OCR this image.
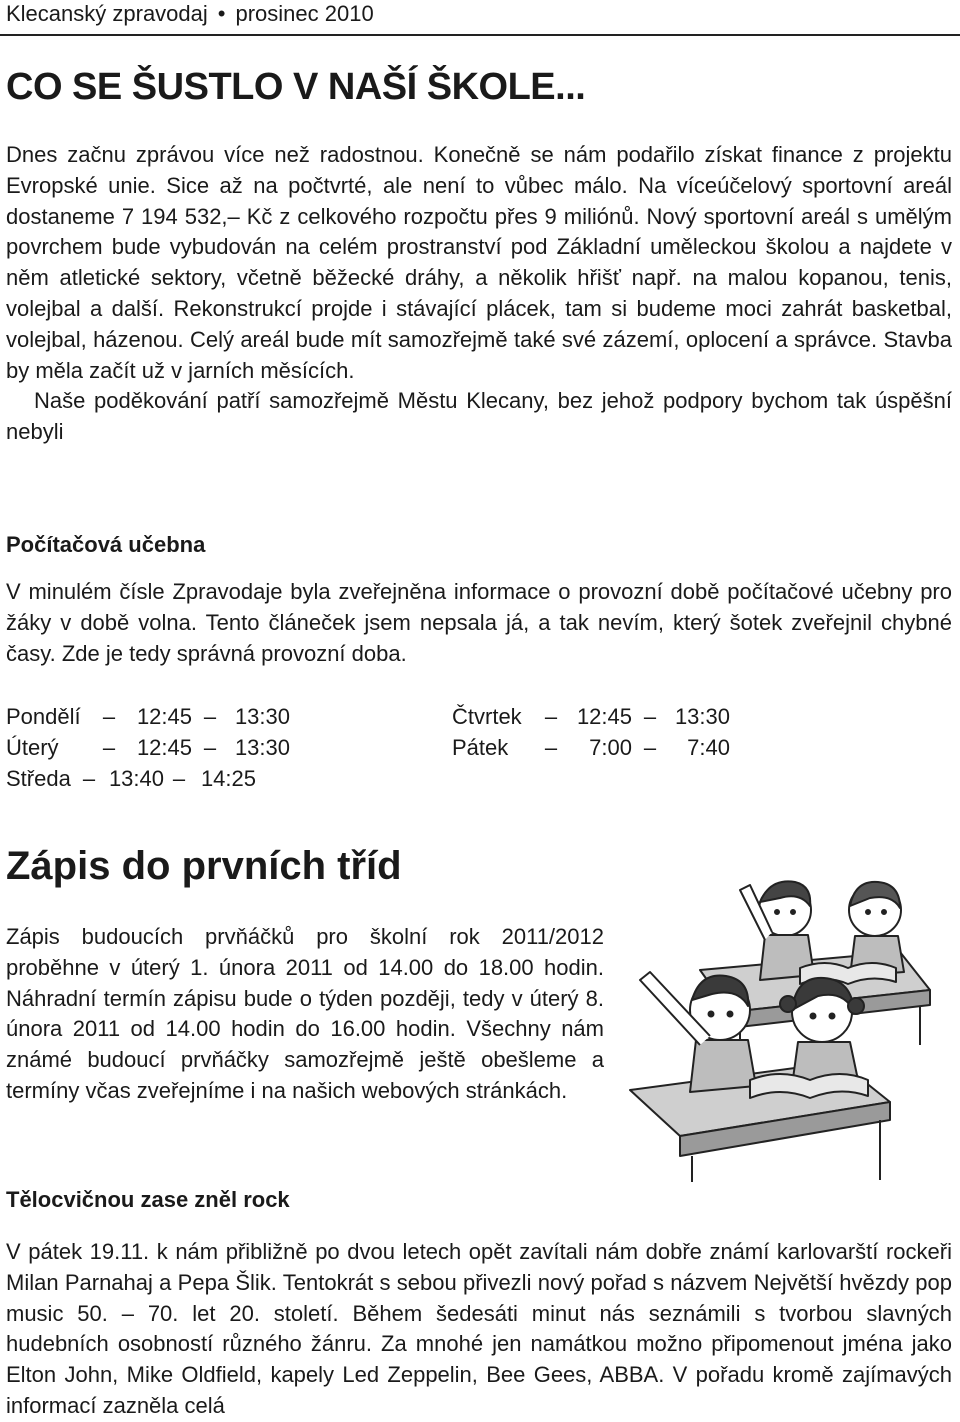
Klecanský zpravodaj • prosinec 2010
CO SE ŠUSTLO V NAŠÍ ŠKOLE...

Dnes začnu zprávou více než radostnou. Konečně se nám podařilo získat finance z projektu Evropské unie. Sice až na počtvrté, ale není to vůbec málo. Na víceúčelový sportovní areál dostaneme 7 194 532,– Kč z celkového rozpočtu přes 9 miliónů. Nový sportovní areál s umělým povrchem bude vybudován na celém prostranství pod Základní uměleckou školou a najdete v něm atletické sektory, včetně běžecké dráhy, a několik hřišť např. na malou kopanou, tenis, volejbal a další. Rekonstrukcí projde i stávající plácek, tam si budeme moci zahrát basketbal, volejbal, házenou. Celý areál bude mít samozřejmě také své zázemí, oplocení a správce. Stavba by měla začít už v jarních měsících.

Naše poděkování patří samozřejmě Městu Klecany, bez jehož podpory bychom tak úspěšní nebyli

Počítačová učebna
V minulém čísle Zpravodaje byla zveřejněna informace o provozní době počítačové učebny pro žáky v době volna. Tento článeček jsem nepsala já, a tak nevím, který šotek zveřejnil chybné časy. Zde je tedy správná provozní doba.
Pondělí	– 12:45 – 13:30
Úterý	– 12:45 – 13:30
Středa – 13:40 – 14:25
Čtvrtek	– 12:45 – 13:30
Pátek	–	7:00 –	7:40
Zápis do prvních tříd
Zápis budoucích prvňáčků pro školní rok 2011/2012 proběhne v úterý 1. února 2011 od 14.00 do 18.00 hodin. Náhradní termín zápisu bude o týden později, tedy v úterý 8. února 2011 od 14.00 hodin do 16.00 hodin. Všechny nám známé budoucí prvňáčky samozřejmě ještě obešleme a termíny včas zveřejníme i na našich webových stránkách.
Tělocvičnou zase zněl rock
V pátek 19.11. k nám přibližně po dvou letech opět zavítali nám dobře známí karlovarští rockeři Milan Parnahaj a Pepa Šlik. Tentokrát s sebou přivezli nový pořad s názvem Největší hvězdy pop music 50. – 70. let 20. století. Během šedesáti minut nás seznámili s tvorbou slavných hudebních osobností různého žánru. Za mnohé jen namátkou možno připomenout jména jako Elton John, Mike Oldfield, kapely Led Zeppelin, Bee Gees, ABBA. V pořadu kromě zajímavých informací zazněla celá
